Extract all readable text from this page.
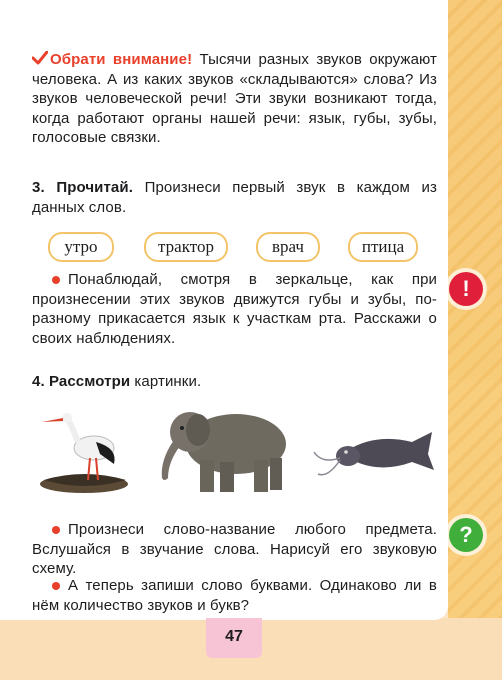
Обрати внимание! Тысячи разных звуков окружают человека. А из каких звуков «складываются» слова? Из звуков человеческой речи! Эти звуки возникают тогда, когда работают органы нашей речи: язык, губы, зубы, голосовые связки.

3. Прочитай. Произнеси первый звук в каждом из данных слов.

утро	трактор	врач	птица

Понаблюдай, смотря в зеркальце, как при произнесении этих звуков движутся губы и зубы, по-разному прикасается язык к участкам рта. Расскажи о своих наблюдениях.

4. Рассмотри картинки.

Произнеси слово-название любого предмета. Вслушайся в звучание слова. Нарисуй его звуковую схему.

А теперь запиши слово буквами. Одинаково ли в нём количество звуков и букв?

!
?
47
